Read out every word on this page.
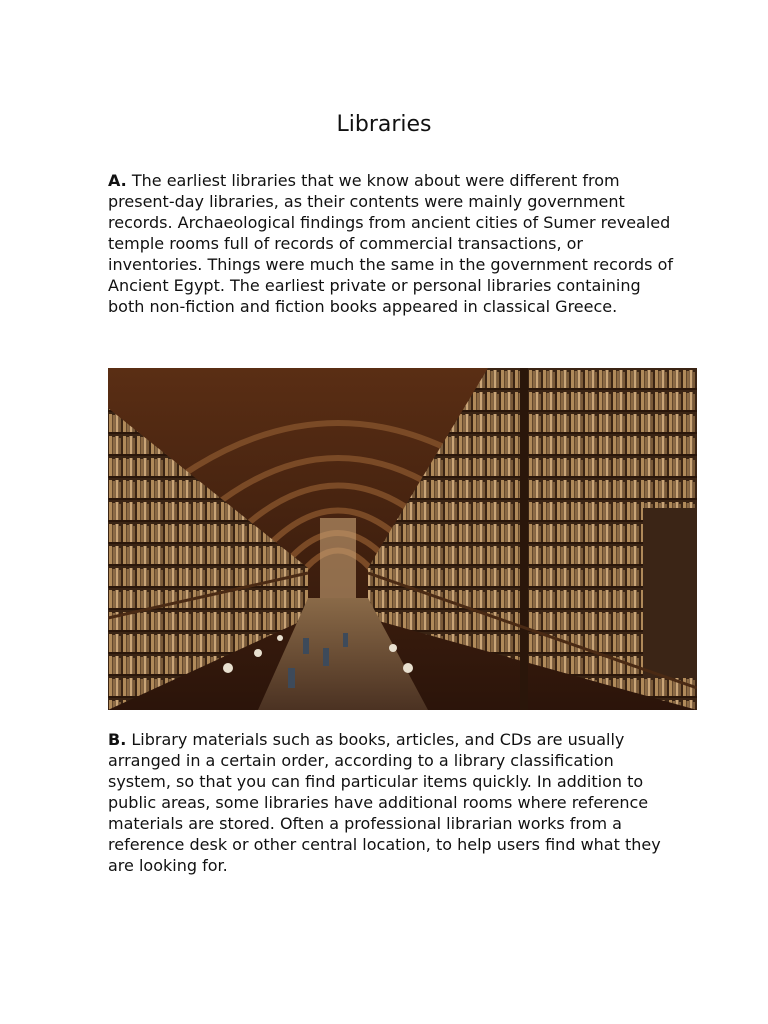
Libraries

A. The earliest libraries that we know about were different from present-day libraries, as their contents were mainly government records. Archaeological findings from ancient cities of Sumer revealed temple rooms full of records of commercial transactions, or inventories. Things were much the same in the government records of Ancient Egypt. The earliest private or personal libraries containing both non-fiction and fiction books appeared in classical Greece.

B. Library materials such as books, articles, and CDs are usually arranged in a certain order, according to a library classification system, so that you can find particular items quickly. In addition to public areas, some libraries have additional rooms where reference materials are stored. Often a professional librarian works from a reference desk or other central location, to help users find what they are looking for.
